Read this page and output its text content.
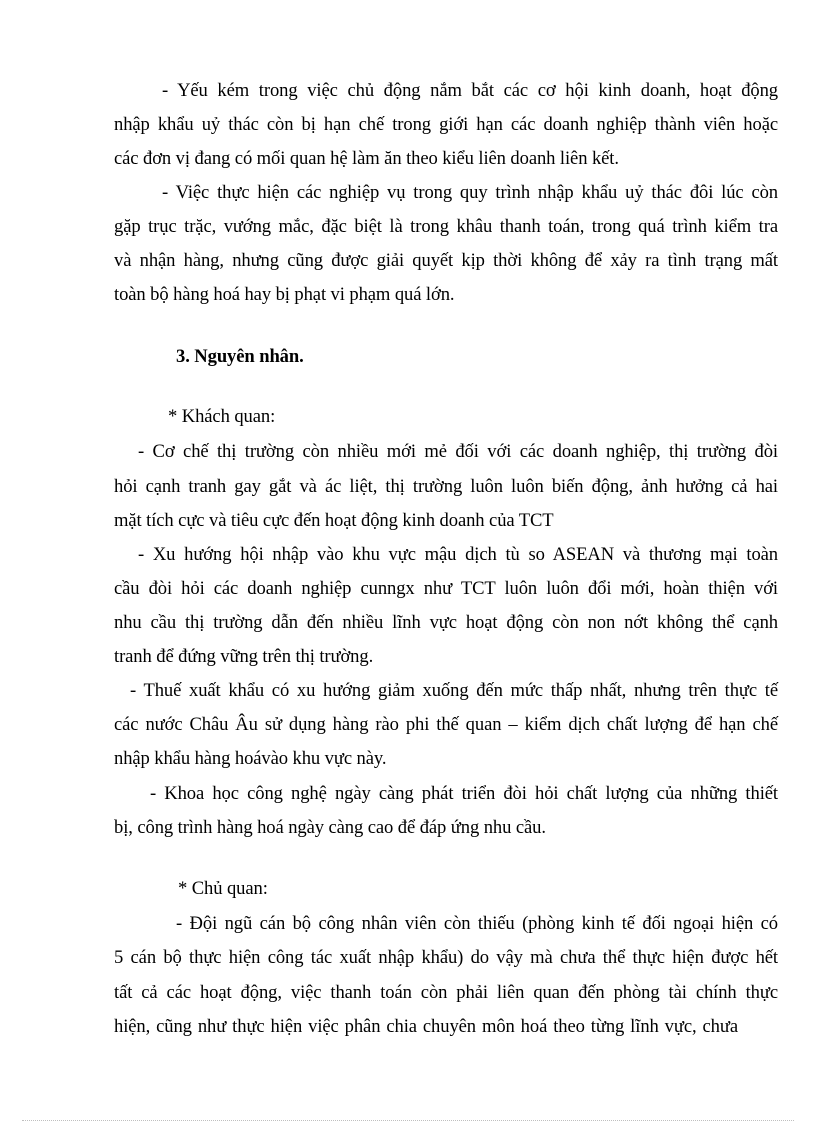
- Yếu kém trong việc chủ động nắm bắt các cơ hội kinh doanh, hoạt động
nhập khẩu uỷ thác còn bị hạn chế trong giới hạn các doanh nghiệp thành viên hoặc
các đơn vị đang có mối quan hệ làm ăn theo kiểu liên doanh liên kết.
- Việc thực hiện các nghiệp vụ trong quy trình nhập khẩu uỷ thác đôi lúc còn
gặp trục trặc, vướng mắc, đặc biệt là trong khâu thanh toán, trong quá trình kiểm tra
và nhận hàng, nhưng cũng được giải quyết kịp thời không để xảy ra tình trạng mất
toàn bộ hàng hoá hay bị phạt vi phạm quá lớn.
3. Nguyên nhân.
* Khách quan:
- Cơ chế thị trường còn nhiều mới mẻ đối với các doanh nghiệp, thị trường đòi
hỏi cạnh tranh gay gắt và ác liệt, thị trường luôn luôn biến động, ảnh hưởng cả hai
mặt tích cực và tiêu cực đến hoạt động kinh doanh của TCT
- Xu hướng hội nhập vào khu vực mậu dịch tù so ASEAN và thương mại toàn
cầu đòi hỏi các doanh nghiệp cunngx như TCT luôn luôn đổi mới, hoàn thiện với
nhu cầu thị trường dẫn đến nhiều lĩnh vực hoạt động còn non nớt không thể cạnh
tranh để đứng vững trên thị trường.
- Thuế xuất khẩu có xu hướng giảm xuống đến mức thấp nhất, nhưng trên thực tế
các nước Châu Âu sử dụng hàng rào phi thế quan – kiểm dịch chất lượng để hạn chế
nhập khẩu hàng hoávào khu vực này.
- Khoa học công nghệ ngày càng phát triển đòi hỏi chất lượng của những thiết
bị, công trình hàng hoá ngày càng cao để đáp ứng nhu cầu.
* Chủ quan:
- Đội ngũ cán bộ công nhân viên còn thiếu (phòng kinh tế đối ngoại hiện có
5 cán bộ thực hiện công tác xuất nhập khẩu) do vậy mà chưa thể thực hiện được hết
tất cả các hoạt động, việc thanh toán còn phải liên quan đến phòng tài chính thực
hiện, cũng như thực hiện việc phân chia chuyên môn hoá theo từng lĩnh vực, chưa
